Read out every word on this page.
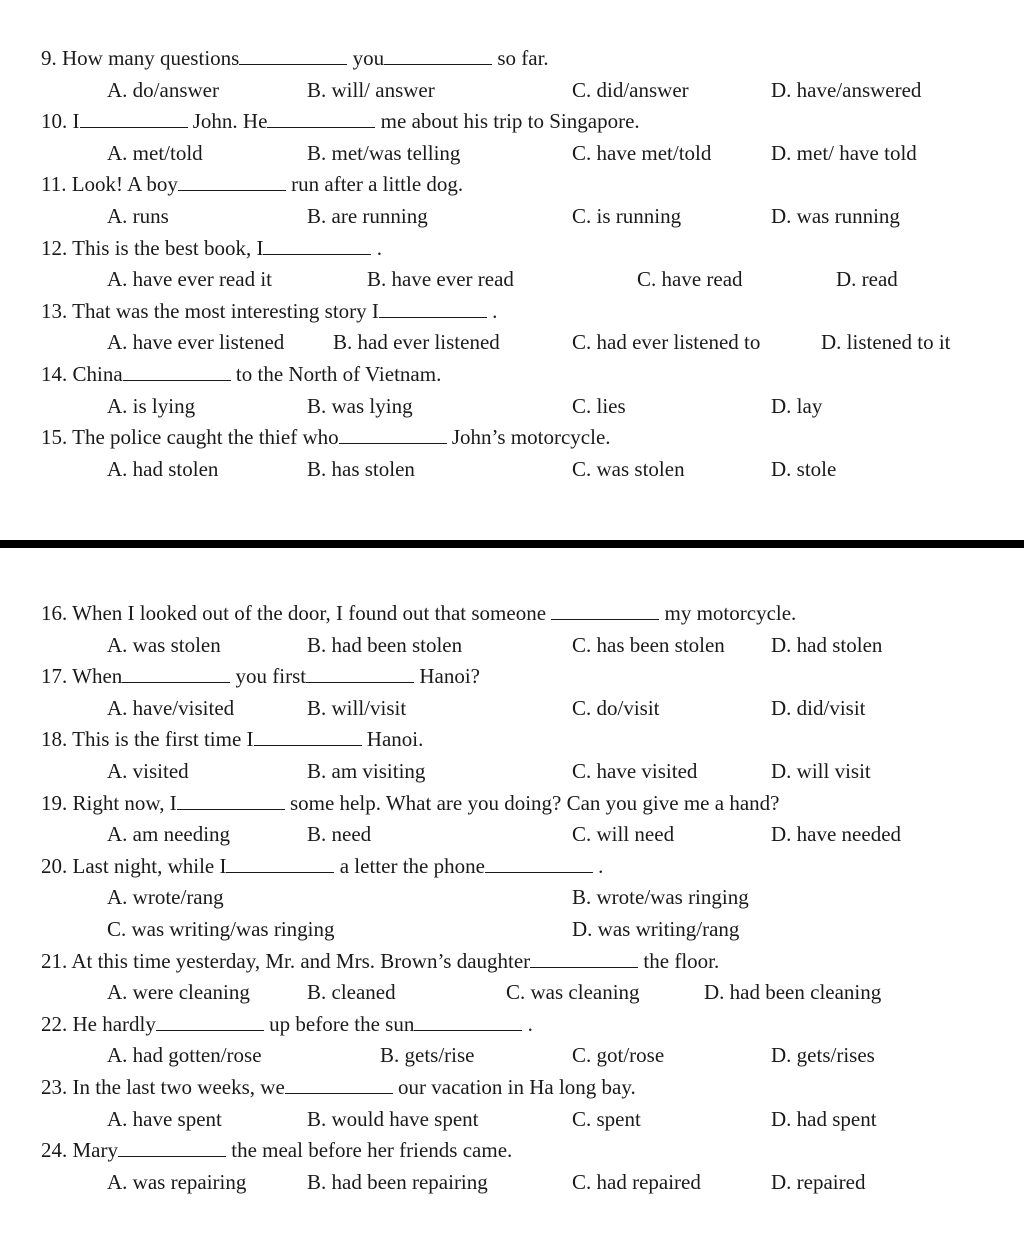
9. How many questions	you	so far.
A. do/answer	B. will/ answer	C. did/answer	D. have/answered
10. I	John. He	me about his trip to Singapore.
A. met/told	B. met/was telling	C. have met/told	D. met/ have told
11. Look! A boy	run after a little dog.
A. runs	B. are running	C. is running	D. was running
12. This is the best book, I	.
A. have ever read it	B. have ever read	C. have read	D. read
13. That was the most interesting story I	.
A. have ever listened B. had ever listened	C. had ever listened to	D. listened to it
14. China	to the North of Vietnam.
A. is lying	B. was lying	C. lies	D. lay
15. The police caught the thief who	John’s motorcycle.
A. had stolen	B. has stolen	C. was stolen	D. stole
16. When I looked out of the door, I found out that someone	my motorcycle.
A. was stolen	B. had been stolen	C. has been stolen D. had stolen
17. When	you first	Hanoi?
A. have/visited	B. will/visit	C. do/visit	D. did/visit
18. This is the first time I	Hanoi.
A. visited	B. am visiting	C. have visited	D. will visit
19. Right now, I	some help. What are you doing? Can you give me a hand?
A. am needing	B. need	C. will need	D. have needed
20. Last night, while I	a letter the phone	.
A. wrote/rang	B. wrote/was ringing
C. was writing/was ringing	D. was writing/rang
21. At this time yesterday, Mr. and Mrs. Brown’s daughter	the floor.
A. were cleaning	B. cleaned	C. was cleaning	D. had been cleaning
22. He hardly	up before the sun	.
A. had gotten/rose	B. gets/rise	C. got/rose	D. gets/rises
23. In the last two weeks, we	our vacation in Ha long bay.
A. have spent	B. would have spent	C. spent	D. had spent
24. Mary	the meal before her friends came.
A. was repairing	B. had been repairing	C. had repaired	D. repaired
